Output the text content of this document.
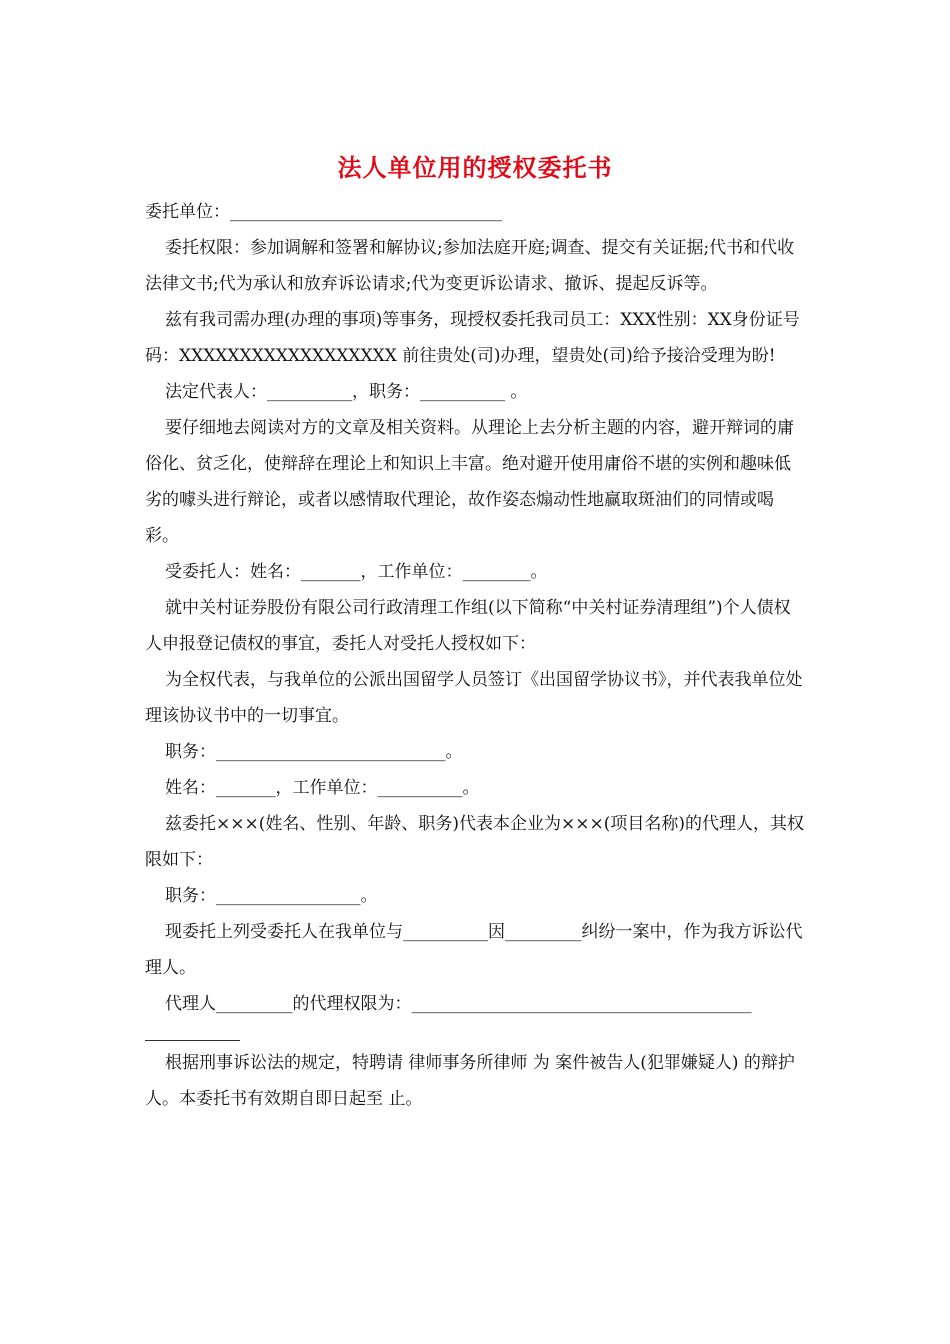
法人单位用的授权委托书

委托单位：________________________________

委托权限：参加调解和签署和解协议;参加法庭开庭;调查、提交有关证据;代书和代收法律文书;代为承认和放弃诉讼请求;代为变更诉讼请求、撤诉、提起反诉等。

兹有我司需办理(办理的事项)等事务，现授权委托我司员工：XXX性别：XX身份证号码：XXXXXXXXXXXXXXXXXX 前往贵处(司)办理，望贵处(司)给予接洽受理为盼!

法定代表人：__________，职务：__________ 。

要仔细地去阅读对方的文章及相关资料。从理论上去分析主题的内容，避开辩词的庸俗化、贫乏化，使辩辞在理论上和知识上丰富。绝对避开使用庸俗不堪的实例和趣味低劣的噱头进行辩论，或者以感情取代理论，故作姿态煽动性地赢取斑油们的同情或喝彩。

受委托人：姓名：_______，工作单位：________。

就中关村证券股份有限公司行政清理工作组(以下简称“中关村证券清理组”)个人债权人申报登记债权的事宜，委托人对受托人授权如下：

为全权代表，与我单位的公派出国留学人员签订《出国留学协议书》，并代表我单位处理该协议书中的一切事宜。

职务：___________________________。

姓名：_______，工作单位：__________。

兹委托×××(姓名、性别、年龄、职务)代表本企业为×××(项目名称)的代理人，其权限如下：

职务：_________________。

现委托上列受委托人在我单位与__________因_________纠纷一案中，作为我方诉讼代理人。

代理人_________的代理权限为：________________________________________

根据刑事诉讼法的规定，特聘请 律师事务所律师 为 案件被告人(犯罪嫌疑人) 的辩护人。本委托书有效期自即日起至 止。
